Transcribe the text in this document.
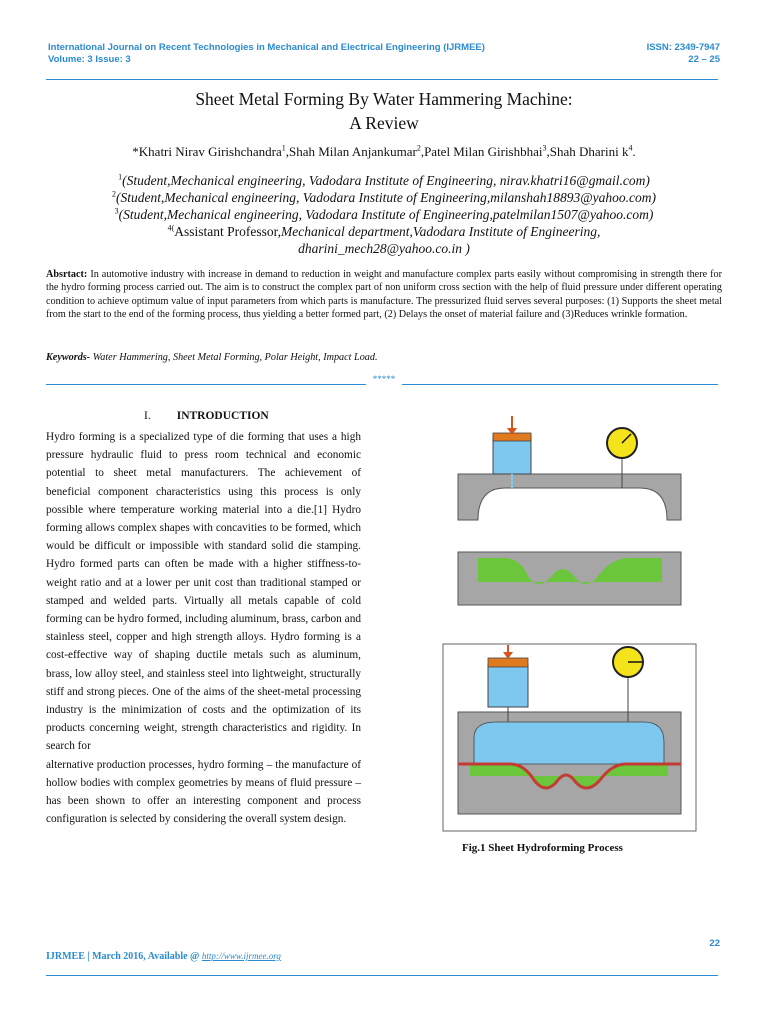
International Journal on Recent Technologies in Mechanical and Electrical Engineering (IJRMEE)
Volume: 3 Issue: 3
ISSN: 2349-7947
22 – 25
Sheet Metal Forming By Water Hammering Machine:
A Review
*Khatri Nirav Girishchandra$^1$,Shah Milan Anjankumar$^2$,Patel Milan Girishbhai$^3$,Shah Dharini $k^4$.
$^1$(Student,Mechanical engineering, Vadodara Institute of Engineering, nirav.khatri16@gmail.com)
$^2$(Student,Mechanical engineering, Vadodara Institute of Engineering,milanshah18893@yahoo.com)
$^3$(Student,Mechanical engineering, Vadodara Institute of Engineering,patelmilan1507@yahoo.com)
$^{4(}$Assistant Professor,Mechanical department,Vadodara Institute of Engineering,
dharini_mech28@yahoo.co.in )
Absrtact: In automotive industry with increase in demand to reduction in weight and manufacture complex parts easily without compromising in strength there for the hydro forming process carried out. The aim is to construct the complex part of non uniform cross section with the help of fluid pressure under different operating condition to achieve optimum value of input parameters from which parts is manufacture. The pressurized fluid serves several purposes: (1) Supports the sheet metal from the start to the end of the forming process, thus yielding a better formed part, (2) Delays the onset of material failure and (3)Reduces wrinkle formation.
Keywords- Water Hammering, Sheet Metal Forming, Polar Height, Impact Load.
*****
I. INTRODUCTION

Hydro forming is a specialized type of die forming that uses a high pressure hydraulic fluid to press room technical and economic potential to sheet metal manufacturers. The achievement of beneficial component characteristics using this process is only possible where temperature working material into a die.[1] Hydro forming allows complex shapes with concavities to be formed, which would be difficult or impossible with standard solid die stamping. Hydro formed parts can often be made with a higher stiffness-to-weight ratio and at a lower per unit cost than traditional stamped or stamped and welded parts. Virtually all metals capable of cold forming can be hydro formed, including aluminum, brass, carbon and stainless steel, copper and high strength alloys. Hydro forming is a cost-effective way of shaping ductile metals such as aluminum, brass, low alloy steel, and stainless steel into lightweight, structurally stiff and strong pieces. One of the aims of the sheet-metal processing industry is the minimization of costs and the optimization of its products concerning weight, strength characteristics and rigidity. In search for

alternative production processes, hydro forming – the manufacture of hollow bodies with complex geometries by means of fluid pressure – has been shown to offer an interesting component and process configuration is selected by considering the overall system design.

Fig.1 Sheet Hydroforming Process
22
IJRMEE | March 2016, Available @ http://www.ijrmee.org
